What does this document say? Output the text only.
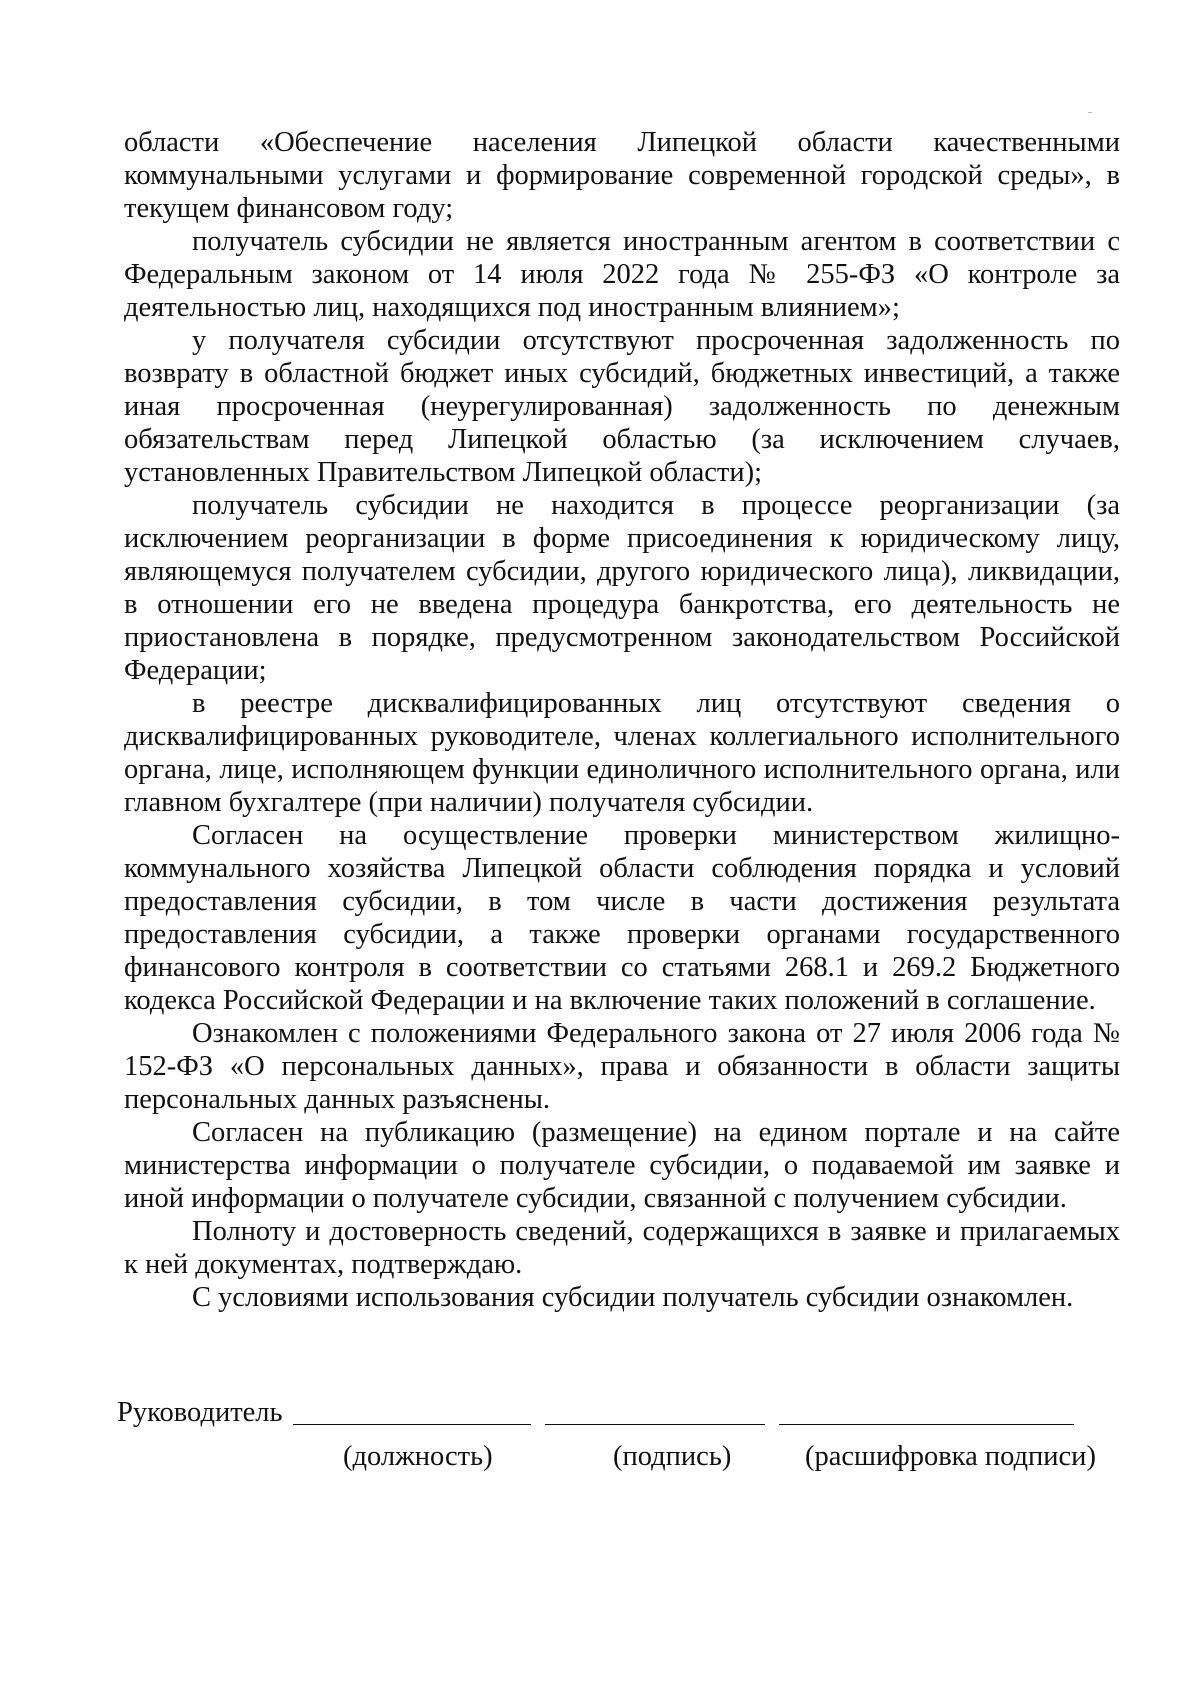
области «Обеспечение населения Липецкой области качественными коммунальными услугами и формирование современной городской среды», в текущем финансовом году;

получатель субсидии не является иностранным агентом в соответствии с Федеральным законом от 14 июля 2022 года № 255-ФЗ «О контроле за деятельностью лиц, находящихся под иностранным влиянием»;

у получателя субсидии отсутствуют просроченная задолженность по возврату в областной бюджет иных субсидий, бюджетных инвестиций, а также иная просроченная (неурегулированная) задолженность по денежным обязательствам перед Липецкой областью (за исключением случаев, установленных Правительством Липецкой области);

получатель субсидии не находится в процессе реорганизации (за исключением реорганизации в форме присоединения к юридическому лицу, являющемуся получателем субсидии, другого юридического лица), ликвидации, в отношении его не введена процедура банкротства, его деятельность не приостановлена в порядке, предусмотренном законодательством Российской Федерации;

в реестре дисквалифицированных лиц отсутствуют сведения о дисквалифицированных руководителе, членах коллегиального исполнительного органа, лице, исполняющем функции единоличного исполнительного органа, или главном бухгалтере (при наличии) получателя субсидии.

Согласен на осуществление проверки министерством жилищно-коммунального хозяйства Липецкой области соблюдения порядка и условий предоставления субсидии, в том числе в части достижения результата предоставления субсидии, а также проверки органами государственного финансового контроля в соответствии со статьями 268.1 и 269.2 Бюджетного кодекса Российской Федерации и на включение таких положений в соглашение.

Ознакомлен с положениями Федерального закона от 27 июля 2006 года № 152-ФЗ «О персональных данных», права и обязанности в области защиты персональных данных разъяснены.

Согласен на публикацию (размещение) на едином портале и на сайте министерства информации о получателе субсидии, о подаваемой им заявке и иной информации о получателе субсидии, связанной с получением субсидии.

Полноту и достоверность сведений, содержащихся в заявке и прилагаемых к ней документах, подтверждаю.

С условиями использования субсидии получатель субсидии ознакомлен.

Руководитель
(должность)	(подпись)	(расшифровка подписи)
